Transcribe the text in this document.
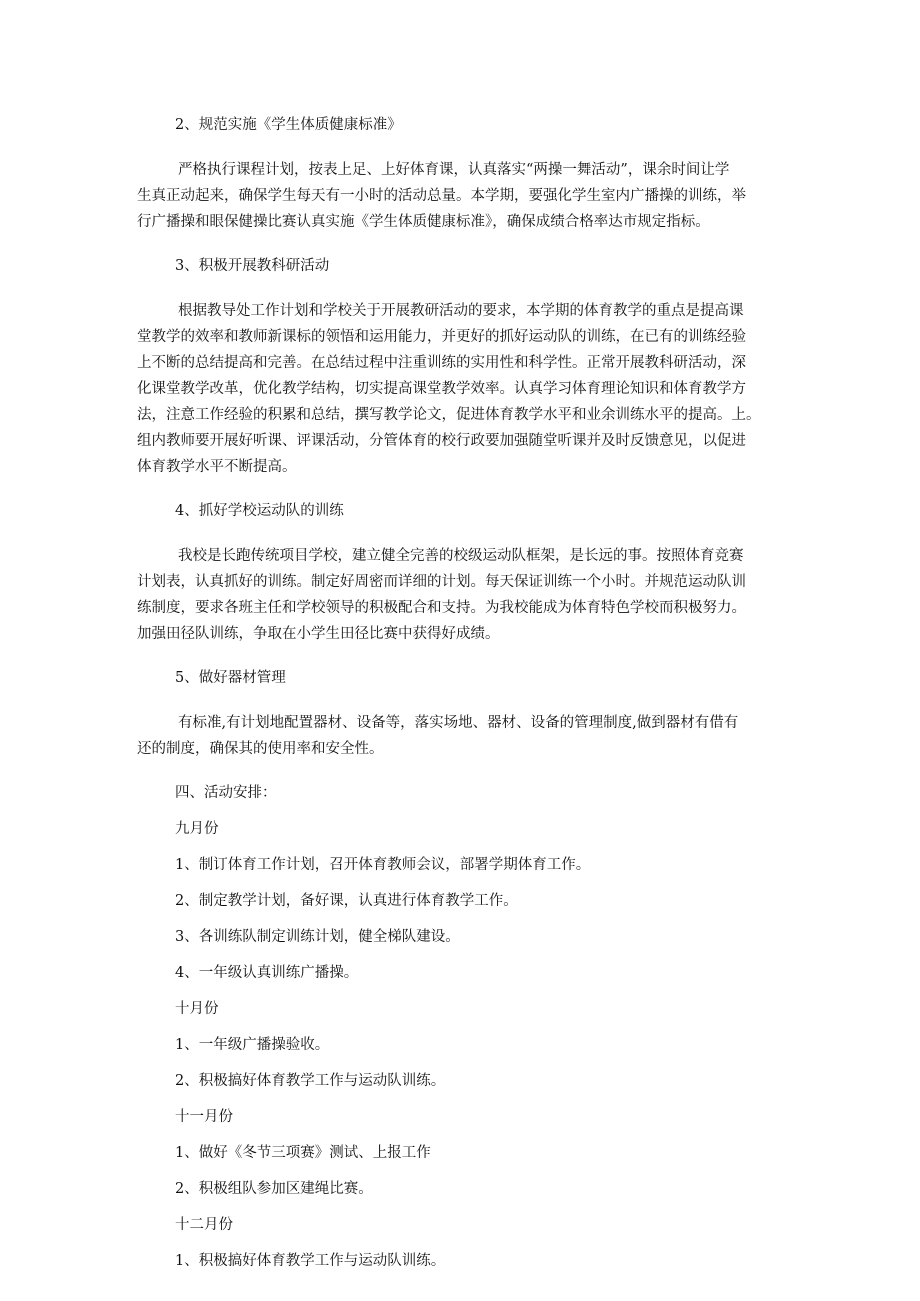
2、规范实施《学生体质健康标准》

严格执行课程计划，按表上足、上好体育课，认真落实“两操一舞活动”，课余时间让学
生真正动起来，确保学生每天有一小时的活动总量。本学期，要强化学生室内广播操的训练，举
行广播操和眼保健操比赛认真实施《学生体质健康标准》，确保成绩合格率达市规定指标。

3、积极开展教科研活动

根据教导处工作计划和学校关于开展教研活动的要求，本学期的体育教学的重点是提高课
堂教学的效率和教师新课标的领悟和运用能力，并更好的抓好运动队的训练，在已有的训练经验
上不断的总结提高和完善。在总结过程中注重训练的实用性和科学性。正常开展教科研活动，深
化课堂教学改革，优化教学结构，切实提高课堂教学效率。认真学习体育理论知识和体育教学方
法，注意工作经验的积累和总结，撰写教学论文，促进体育教学水平和业余训练水平的提高。上。
组内教师要开展好听课、评课活动，分管体育的校行政要加强随堂听课并及时反馈意见，以促进
体育教学水平不断提高。

4、抓好学校运动队的训练

我校是长跑传统项目学校，建立健全完善的校级运动队框架，是长远的事。按照体育竞赛
计划表，认真抓好的训练。制定好周密而详细的计划。每天保证训练一个小时。并规范运动队训
练制度，要求各班主任和学校领导的积极配合和支持。为我校能成为体育特色学校而积极努力。
加强田径队训练，争取在小学生田径比赛中获得好成绩。

5、做好器材管理

有标准,有计划地配置器材、设备等，落实场地、器材、设备的管理制度,做到器材有借有
还的制度，确保其的使用率和安全性。

四、活动安排：

九月份

1、制订体育工作计划，召开体育教师会议，部署学期体育工作。

2、制定教学计划，备好课，认真进行体育教学工作。

3、各训练队制定训练计划，健全梯队建设。

4、一年级认真训练广播操。

十月份

1、一年级广播操验收。

2、积极搞好体育教学工作与运动队训练。

十一月份

1、做好《冬节三项赛》测试、上报工作

2、积极组队参加区建绳比赛。

十二月份

1、积极搞好体育教学工作与运动队训练。
